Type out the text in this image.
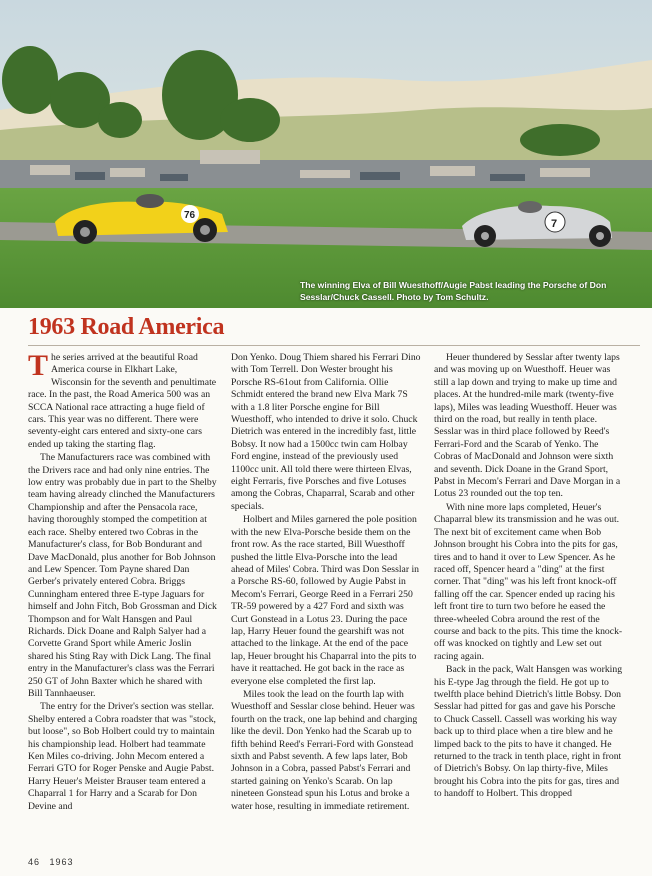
76
7
The winning Elva of Bill Wuesthoff/Augie Pabst leading the Porsche of Don Sesslar/Chuck Cassell. Photo by Tom Schultz.
1963 Road America

The series arrived at the beautiful Road America course in Elkhart Lake, Wisconsin for the seventh and penultimate race. In the past, the Road America 500 was an SCCA National race attracting a huge field of cars. This year was no different. There were seventy-eight cars entered and sixty-one cars ended up taking the starting flag.

The Manufacturers race was combined with the Drivers race and had only nine entries. The low entry was probably due in part to the Shelby team having already clinched the Manufacturers Championship and after the Pensacola race, having thoroughly stomped the competition at each race. Shelby entered two Cobras in the Manufacturer's class, for Bob Bondurant and Dave MacDonald, plus another for Bob Johnson and Lew Spencer. Tom Payne shared Dan Gerber's privately entered Cobra. Briggs Cunningham entered three E-type Jaguars for himself and John Fitch, Bob Grossman and Dick Thompson and for Walt Hansgen and Paul Richards. Dick Doane and Ralph Salyer had a Corvette Grand Sport while Americ Joslin shared his Sting Ray with Dick Lang. The final entry in the Manufacturer's class was the Ferrari 250 GT of John Baxter which he shared with Bill Tannhaeuser.

The entry for the Driver's section was stellar. Shelby entered a Cobra roadster that was "stock, but loose", so Bob Holbert could try to maintain his championship lead. Holbert had teammate Ken Miles co-driving. John Mecom entered a Ferrari GTO for Roger Penske and Augie Pabst. Harry Heuer's Meister Brauser team entered a Chaparral 1 for Harry and a Scarab for Don Devine and

Don Yenko. Doug Thiem shared his Ferrari Dino with Tom Terrell. Don Wester brought his Porsche RS-61out from California. Ollie Schmidt entered the brand new Elva Mark 7S with a 1.8 liter Porsche engine for Bill Wuesthoff, who intended to drive it solo. Chuck Dietrich was entered in the incredibly fast, little Bobsy. It now had a 1500cc twin cam Holbay Ford engine, instead of the previously used 1100cc unit. All told there were thirteen Elvas, eight Ferraris, five Porsches and five Lotuses among the Cobras, Chaparral, Scarab and other specials.

Holbert and Miles garnered the pole position with the new Elva-Porsche beside them on the front row. As the race started, Bill Wuesthoff pushed the little Elva-Porsche into the lead ahead of Miles' Cobra. Third was Don Sesslar in a Porsche RS-60, followed by Augie Pabst in Mecom's Ferrari, George Reed in a Ferrari 250 TR-59 powered by a 427 Ford and sixth was Curt Gonstead in a Lotus 23. During the pace lap, Harry Heuer found the gearshift was not attached to the linkage. At the end of the pace lap, Heuer brought his Chaparral into the pits to have it reattached. He got back in the race as everyone else completed the first lap.

Miles took the lead on the fourth lap with Wuesthoff and Sesslar close behind. Heuer was fourth on the track, one lap behind and charging like the devil. Don Yenko had the Scarab up to fifth behind Reed's Ferrari-Ford with Gonstead sixth and Pabst seventh. A few laps later, Bob Johnson in a Cobra, passed Pabst's Ferrari and started gaining on Yenko's Scarab. On lap nineteen Gonstead spun his Lotus and broke a water hose, resulting in immediate retirement.

Heuer thundered by Sesslar after twenty laps and was moving up on Wuesthoff. Heuer was still a lap down and trying to make up time and places. At the hundred-mile mark (twenty-five laps), Miles was leading Wuesthoff. Heuer was third on the road, but really in tenth place. Sesslar was in third place followed by Reed's Ferrari-Ford and the Scarab of Yenko. The Cobras of MacDonald and Johnson were sixth and seventh. Dick Doane in the Grand Sport, Pabst in Mecom's Ferrari and Dave Morgan in a Lotus 23 rounded out the top ten.

With nine more laps completed, Heuer's Chaparral blew its transmission and he was out. The next bit of excitement came when Bob Johnson brought his Cobra into the pits for gas, tires and to hand it over to Lew Spencer. As he raced off, Spencer heard a "ding" at the first corner. That "ding" was his left front knock-off falling off the car. Spencer ended up racing his left front tire to turn two before he eased the three-wheeled Cobra around the rest of the course and back to the pits. This time the knock-off was knocked on tightly and Lew set out racing again.

Back in the pack, Walt Hansgen was working his E-type Jag through the field. He got up to twelfth place behind Dietrich's little Bobsy. Don Sesslar had pitted for gas and gave his Porsche to Chuck Cassell. Cassell was working his way back up to third place when a tire blew and he limped back to the pits to have it changed. He returned to the track in tenth place, right in front of Dietrich's Bobsy. On lap thirty-five, Miles brought his Cobra into the pits for gas, tires and to handoff to Holbert. This dropped

46 1963
